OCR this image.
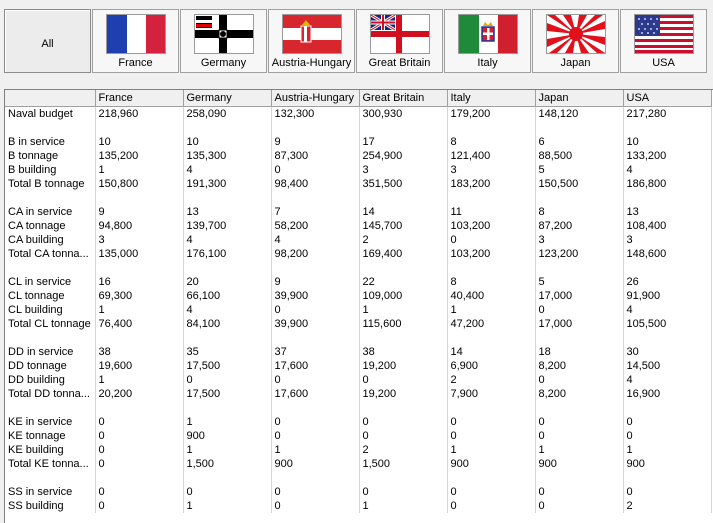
All
France	Germany	Austria-Hungary	Great Britain	Italy	Japan	USA
	France	Germany	Austria-Hungary	Great Britain	Italy	Japan	USA
Naval budget	218,960	258,090	132,300	300,930	179,200	148,120	217,280

B in service	10	10	9	17	8	6	10
B tonnage	135,200	135,300	87,300	254,900	121,400	88,500	133,200
B building	1	4	0	3	3	5	4
Total B tonnage	150,800	191,300	98,400	351,500	183,200	150,500	186,800

CA in service	9	13	7	14	11	8	13
CA tonnage	94,800	139,700	58,200	145,700	103,200	87,200	108,400
CA building	3	4	4	2	0	3	3
Total CA tonna...	135,000	176,100	98,200	169,400	103,200	123,200	148,600

CL in service	16	20	9	22	8	5	26
CL tonnage	69,300	66,100	39,900	109,000	40,400	17,000	91,900
CL building	1	4	0	1	1	0	4
Total CL tonnage	76,400	84,100	39,900	115,600	47,200	17,000	105,500

DD in service	38	35	37	38	14	18	30
DD tonnage	19,600	17,500	17,600	19,200	6,900	8,200	14,500
DD building	1	0	0	0	2	0	4
Total DD tonna...	20,200	17,500	17,600	19,200	7,900	8,200	16,900

KE in service	0	1	0	0	0	0	0
KE tonnage	0	900	0	0	0	0	0
KE building	0	1	1	2	1	1	1
Total KE tonna...	0	1,500	900	1,500	900	900	900

SS in service	0	0	0	0	0	0	0
SS building	0	1	0	1	0	0	2
